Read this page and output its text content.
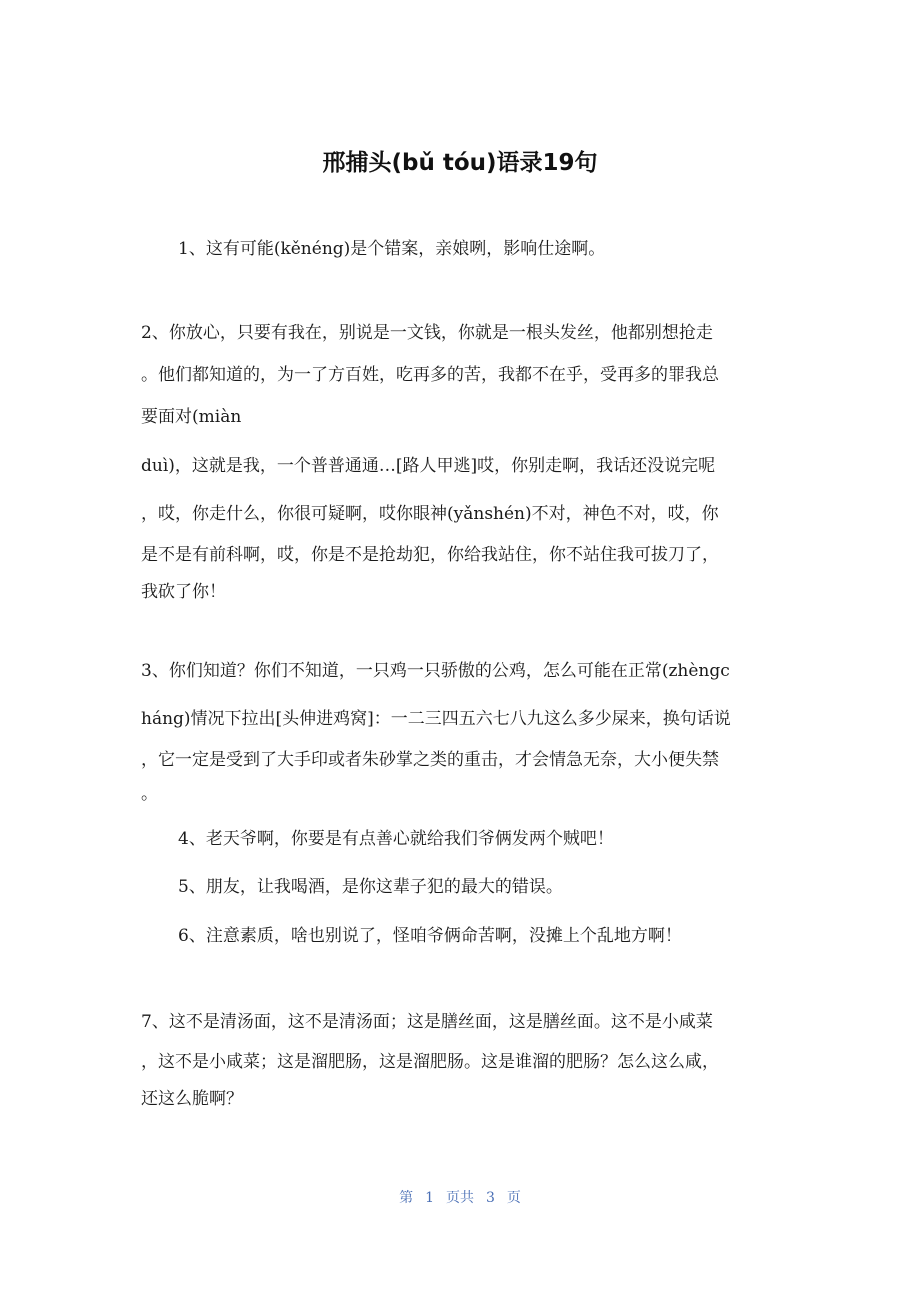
邢捕头(bǔ tóu)语录19句

1、这有可能(kěnéng)是个错案，亲娘咧，影响仕途啊。

2、你放心，只要有我在，别说是一文钱，你就是一根头发丝，他都别想抢走

。他们都知道的，为一了方百姓，吃再多的苦，我都不在乎，受再多的罪我总

要面对(miàn

duì)，这就是我，一个普普通通…[路人甲逃]哎，你别走啊，我话还没说完呢

，哎，你走什么，你很可疑啊，哎你眼神(yǎnshén)不对，神色不对，哎，你

是不是有前科啊，哎，你是不是抢劫犯，你给我站住，你不站住我可拔刀了，

我砍了你！

3、你们知道？你们不知道，一只鸡一只骄傲的公鸡，怎么可能在正常(zhèngc

háng)情况下拉出[头伸进鸡窝]：一二三四五六七八九这么多少屎来，换句话说

，它一定是受到了大手印或者朱砂掌之类的重击，才会情急无奈，大小便失禁

。

4、老天爷啊，你要是有点善心就给我们爷俩发两个贼吧！

5、朋友，让我喝酒，是你这辈子犯的最大的错误。

6、注意素质，啥也别说了，怪咱爷俩命苦啊，没摊上个乱地方啊！

7、这不是清汤面，这不是清汤面；这是膳丝面，这是膳丝面。这不是小咸菜

，这不是小咸菜；这是溜肥肠，这是溜肥肠。这是谁溜的肥肠？怎么这么咸，

还这么脆啊？

第 1 页共 3 页
